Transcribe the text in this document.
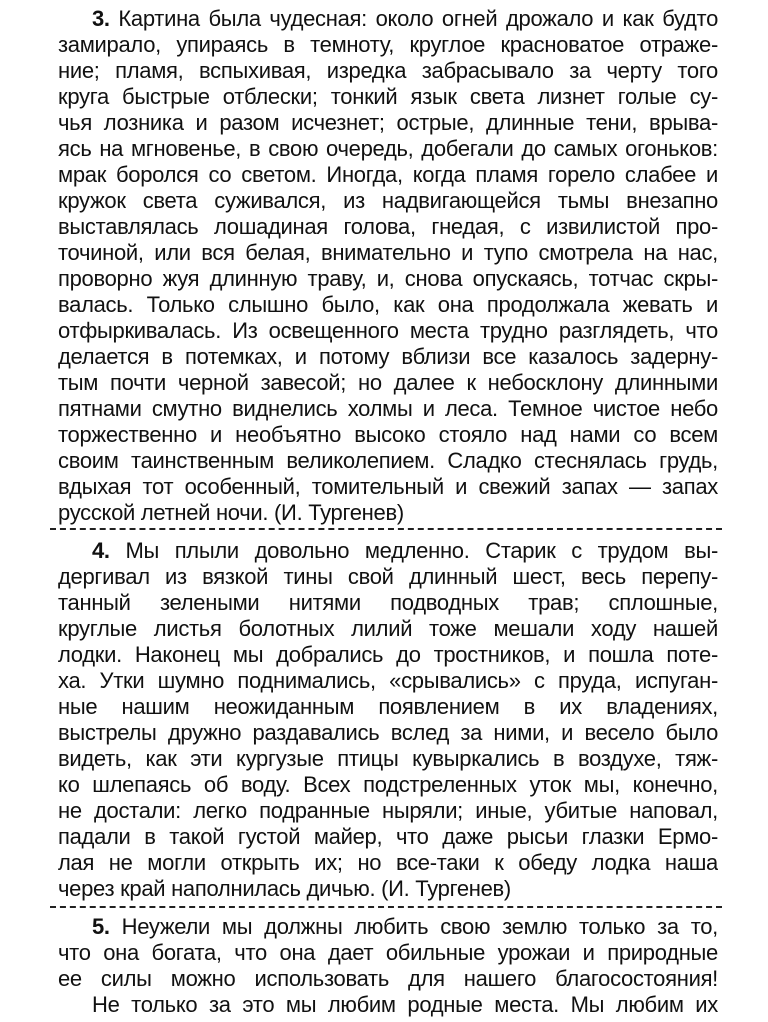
3. Картина была чудесная: около огней дрожало и как будто
замирало, упираясь в темноту, круглое красноватое отраже-
ние; пламя, вспыхивая, изредка забрасывало за черту того
круга быстрые отблески; тонкий язык света лизнет голые су-
чья лозника и разом исчезнет; острые, длинные тени, врыва-
ясь на мгновенье, в свою очередь, добегали до самых огоньков:
мрак боролся со светом. Иногда, когда пламя горело слабее и
кружок света суживался, из надвигающейся тьмы внезапно
выставлялась лошадиная голова, гнедая, с извилистой про-
точиной, или вся белая, внимательно и тупо смотрела на нас,
проворно жуя длинную траву, и, снова опускаясь, тотчас скры-
валась. Только слышно было, как она продолжала жевать и
отфыркивалась. Из освещенного места трудно разглядеть, что
делается в потемках, и потому вблизи все казалось задерну-
тым почти черной завесой; но далее к небосклону длинными
пятнами смутно виднелись холмы и леса. Темное чистое небо
торжественно и необъятно высоко стояло над нами со всем
своим таинственным великолепием. Сладко стеснялась грудь,
вдыхая тот особенный, томительный и свежий запах — запах
русской летней ночи. (И. Тургенев)
4. Мы плыли довольно медленно. Старик с трудом вы-
дергивал из вязкой тины свой длинный шест, весь перепу-
танный зелеными нитями подводных трав; сплошные,
круглые листья болотных лилий тоже мешали ходу нашей
лодки. Наконец мы добрались до тростников, и пошла поте-
ха. Утки шумно поднимались, «срывались» с пруда, испуган-
ные нашим неожиданным появлением в их владениях,
выстрелы дружно раздавались вслед за ними, и весело было
видеть, как эти кургузые птицы кувыркались в воздухе, тяж-
ко шлепаясь об воду. Всех подстреленных уток мы, конечно,
не достали: легко подранные ныряли; иные, убитые наповал,
падали в такой густой майер, что даже рысьи глазки Ермо-
лая не могли открыть их; но все-таки к обеду лодка наша
через край наполнилась дичью. (И. Тургенев)
5. Неужели мы должны любить свою землю только за то,
что она богата, что она дает обильные урожаи и природные
ее силы можно использовать для нашего благосостояния!
Не только за это мы любим родные места. Мы любим их
